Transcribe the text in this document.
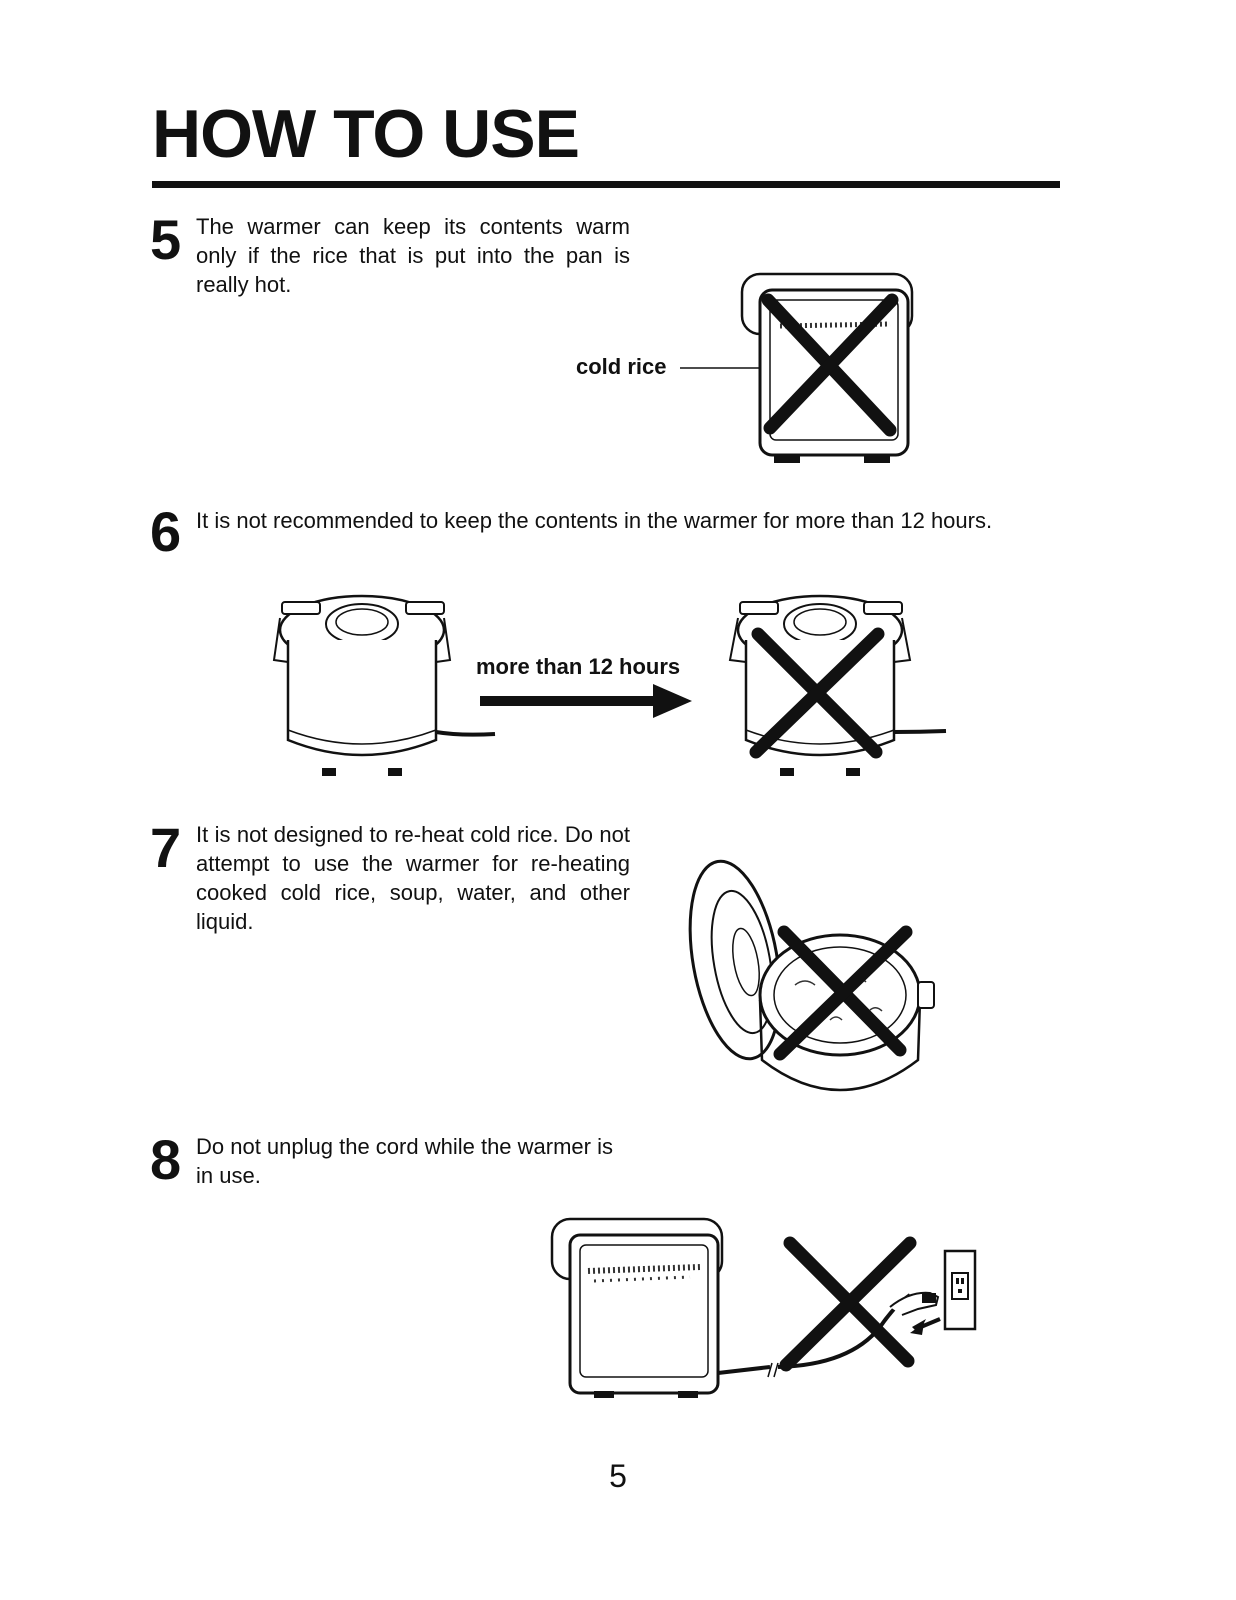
HOW TO USE
5 The warmer can keep its contents warm only if the rice that is put into the pan is really hot.
cold rice
6 It is not recommended to keep the contents in the warmer for more than 12 hours.
more than 12 hours
7 It is not designed to re-heat cold rice. Do not attempt to use the warmer for re-heating cooked cold rice, soup, water, and other liquid.
8 Do not unplug the cord while the warmer is in use.
5
